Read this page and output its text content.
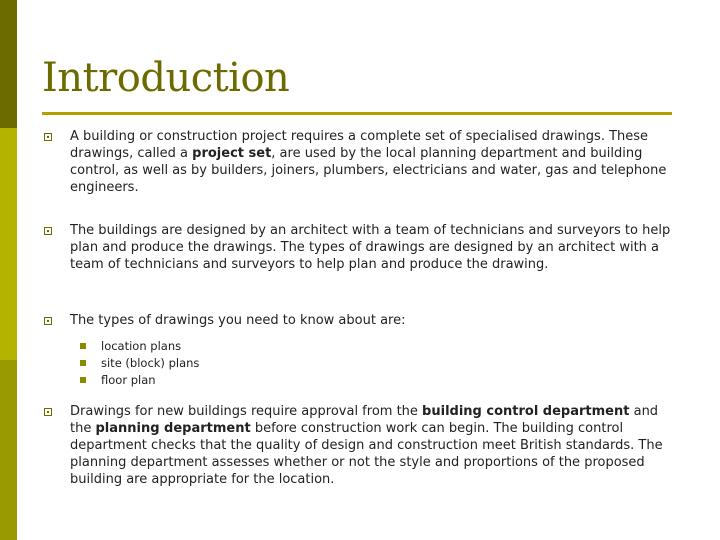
Introduction
A building or construction project requires a complete set of specialised drawings. These drawings, called a project set, are used by the local planning department and building control, as well as by builders, joiners, plumbers, electricians and water, gas and telephone engineers.
The buildings are designed by an architect with a team of technicians and surveyors to help plan and produce the drawings. The types of drawings are designed by an architect with a team of technicians and surveyors to help plan and produce the drawing.
The types of drawings you need to know about are:
location plans
site (block) plans
floor plan
Drawings for new buildings require approval from the building control department and the planning department before construction work can begin. The building control department checks that the quality of design and construction meet British standards. The planning department assesses whether or not the style and proportions of the proposed building are appropriate for the location.
